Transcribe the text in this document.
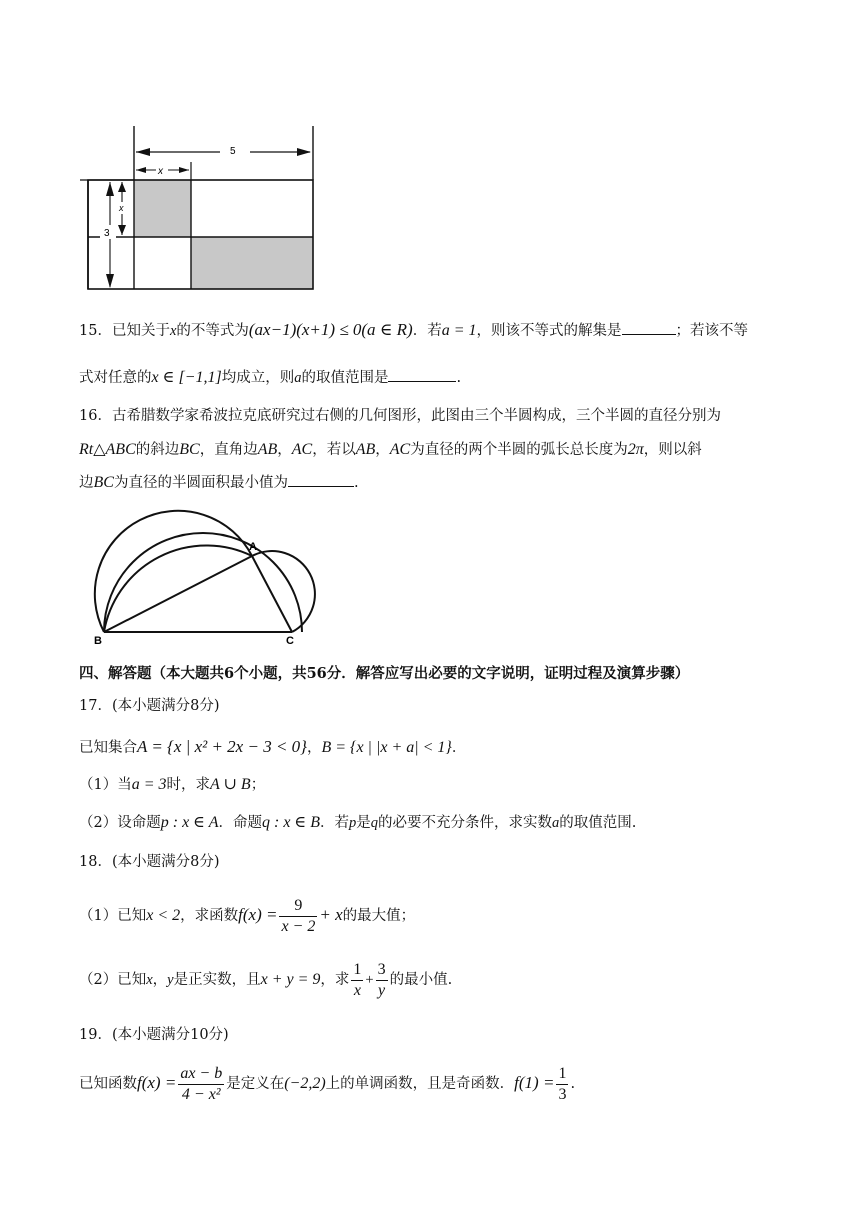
5
x
3
x
15．已知关于x的不等式为(ax−1)(x+1) ≤ 0(a ∈ R)．若a = 1，则该不等式的解集是	；若该不等
式对任意的x ∈ [−1,1]均成立，则a的取值范围是	.
16．古希腊数学家希波拉克底研究过右侧的几何图形，此图由三个半圆构成，三个半圆的直径分别为
Rt△ABC的斜边BC，直角边AB，AC，若以AB，AC为直径的两个半圆的弧长总长度为2π，则以斜
边BC为直径的半圆面积最小值为	.
A
B	C
四、解答题（本大题共6个小题，共56分．解答应写出必要的文字说明，证明过程及演算步骤）
17．(本小题满分8分)
已知集合A = {x | x² + 2x − 3 < 0}，B = {x | |x + a| < 1}．
（1）当a = 3时，求A ∪ B；
（2）设命题p : x ∈ A．命题q : x ∈ B．若p是q的必要不充分条件，求实数a的取值范围.
18．(本小题满分8分)
（1）已知x < 2，求函数$f(x) = \frac{9}{x - 2} + x$的最大值；
（2）已知x，y是正实数，且x + y = 9，求 $\frac{1}{x} + \frac{3}{y}$ 的最小值.
19．(本小题满分10分)
已知函数$f(x) = \frac{ax - b}{\text{4 − x²}}$ 是定义在(−2,2)上的单调函数，且是奇函数．$f(1) = \frac{1}{3}$ .
